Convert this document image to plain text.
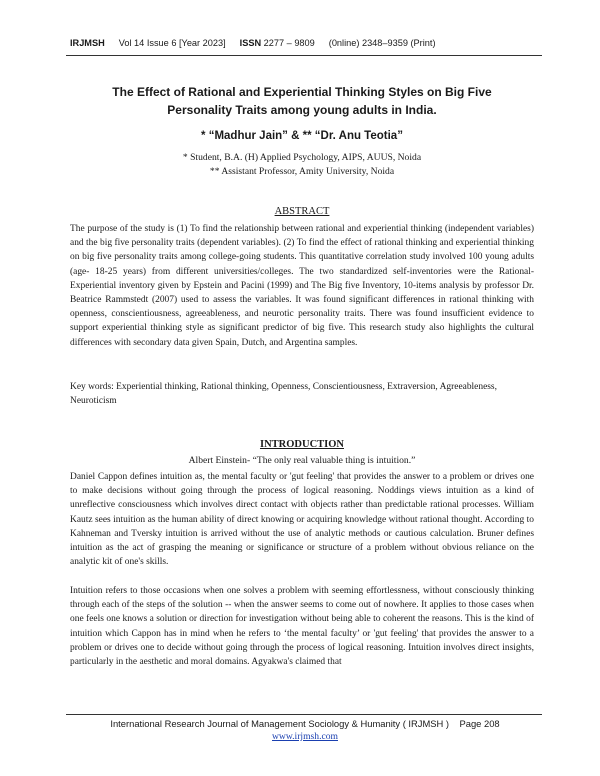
IRJMSH Vol 14 Issue 6 [Year 2023] ISSN 2277 – 9809 (0nline) 2348–9359 (Print)
The Effect of Rational and Experiential Thinking Styles on Big Five
Personality Traits among young adults in India.
* “Madhur Jain” & ** “Dr. Anu Teotia”
* Student, B.A. (H) Applied Psychology, AIPS, AUUS, Noida
** Assistant Professor, Amity University, Noida
ABSTRACT

The purpose of the study is (1) To find the relationship between rational and experiential thinking (independent variables) and the big five personality traits (dependent variables). (2) To find the effect of rational thinking and experiential thinking on big five personality traits among college-going students. This quantitative correlation study involved 100 young adults (age- 18-25 years) from different universities/colleges. The two standardized self-inventories were the Rational-Experiential inventory given by Epstein and Pacini (1999) and The Big five Inventory, 10-items analysis by professor Dr. Beatrice Rammstedt (2007) used to assess the variables. It was found significant differences in rational thinking with openness, conscientiousness, agreeableness, and neurotic personality traits. There was found insufficient evidence to support experiential thinking style as significant predictor of big five. This research study also highlights the cultural differences with secondary data given Spain, Dutch, and Argentina samples.

Key words: Experiential thinking, Rational thinking, Openness, Conscientiousness, Extraversion, Agreeableness, Neuroticism

INTRODUCTION
Albert Einstein- “The only real valuable thing is intuition.”

Daniel Cappon defines intuition as, the mental faculty or 'gut feeling' that provides the answer to a problem or drives one to make decisions without going through the process of logical reasoning. Noddings views intuition as a kind of unreflective consciousness which involves direct contact with objects rather than predictable rational processes. William Kautz sees intuition as the human ability of direct knowing or acquiring knowledge without rational thought. According to Kahneman and Tversky intuition is arrived without the use of analytic methods or cautious calculation. Bruner defines intuition as the act of grasping the meaning or significance or structure of a problem without obvious reliance on the analytic kit of one's skills.

Intuition refers to those occasions when one solves a problem with seeming effortlessness, without consciously thinking through each of the steps of the solution -- when the answer seems to come out of nowhere. It applies to those cases when one feels one knows a solution or direction for investigation without being able to coherent the reasons. This is the kind of intuition which Cappon has in mind when he refers to ‘the mental faculty’ or 'gut feeling' that provides the answer to a problem or drives one to decide without going through the process of logical reasoning. Intuition involves direct insights, particularly in the aesthetic and moral domains. Agyakwa's claimed that

International Research Journal of Management Sociology & Humanity ( IRJMSH ) Page 208
www.irjmsh.com
